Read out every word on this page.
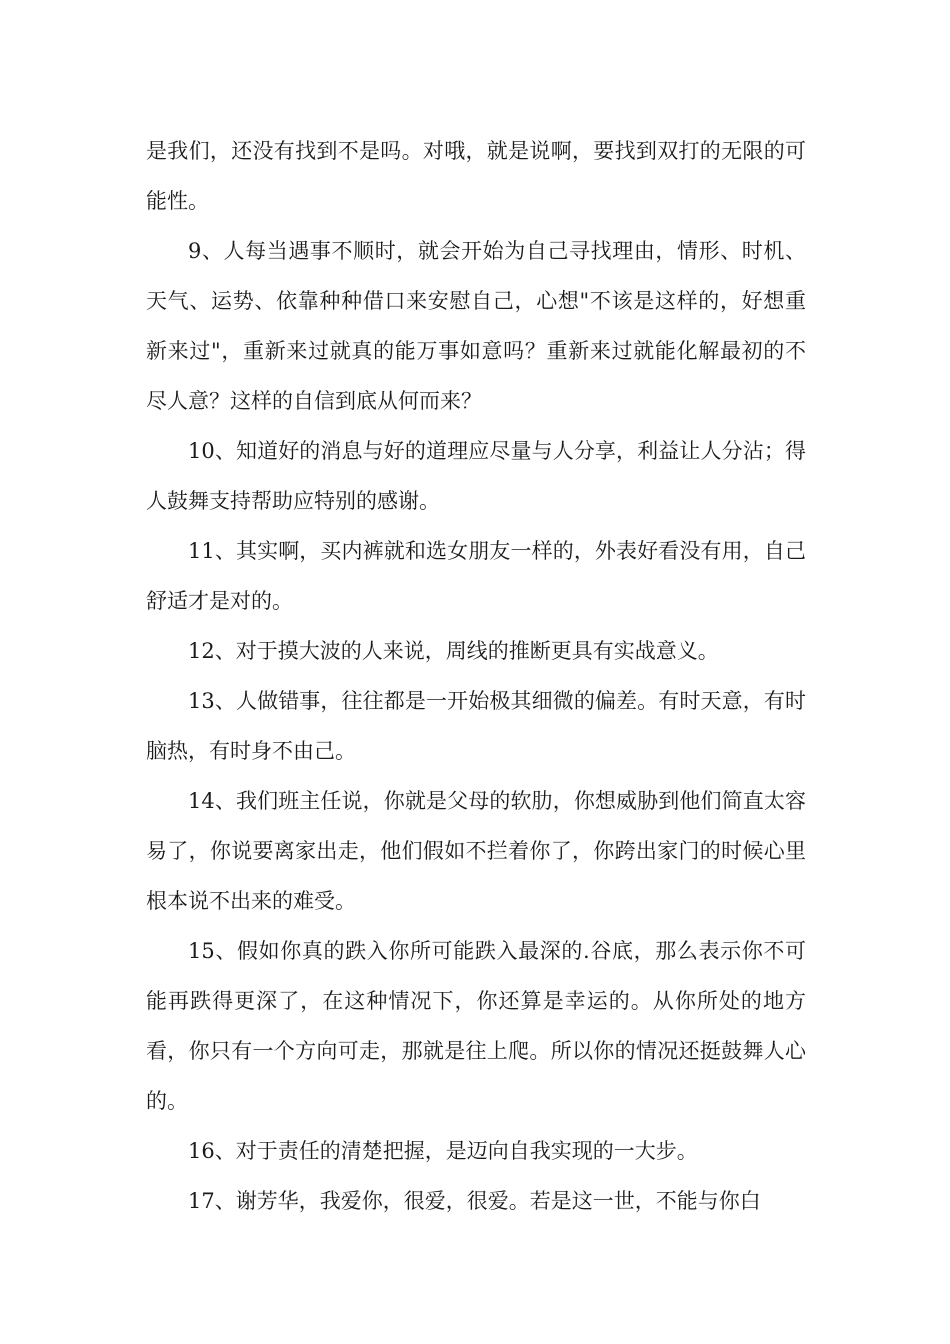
是我们，还没有找到不是吗。对哦，就是说啊，要找到双打的无限的可能性。

9、人每当遇事不顺时，就会开始为自己寻找理由，情形、时机、天气、运势、依靠种种借口来安慰自己，心想"不该是这样的，好想重新来过"，重新来过就真的能万事如意吗？重新来过就能化解最初的不尽人意？这样的自信到底从何而来？

10、知道好的消息与好的道理应尽量与人分享，利益让人分沾；得人鼓舞支持帮助应特别的感谢。

11、其实啊，买内裤就和选女朋友一样的，外表好看没有用，自己舒适才是对的。

12、对于摸大波的人来说，周线的推断更具有实战意义。

13、人做错事，往往都是一开始极其细微的偏差。有时天意，有时脑热，有时身不由己。

14、我们班主任说，你就是父母的软肋，你想威胁到他们简直太容易了，你说要离家出走，他们假如不拦着你了，你跨出家门的时候心里根本说不出来的难受。

15、假如你真的跌入你所可能跌入最深的.谷底，那么表示你不可能再跌得更深了，在这种情况下，你还算是幸运的。从你所处的地方看，你只有一个方向可走，那就是往上爬。所以你的情况还挺鼓舞人心的。

16、对于责任的清楚把握，是迈向自我实现的一大步。

17、谢芳华，我爱你，很爱，很爱。若是这一世，不能与你白
